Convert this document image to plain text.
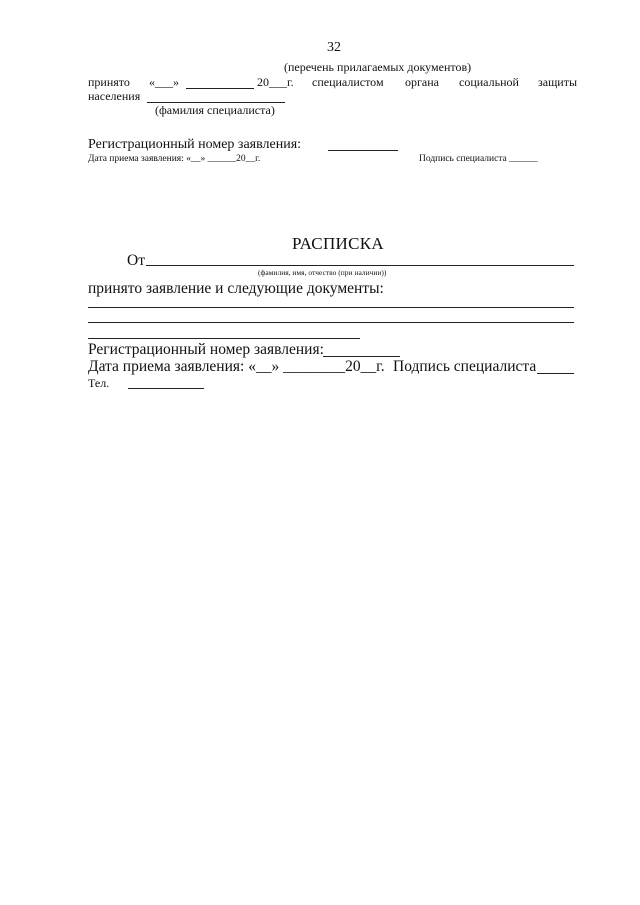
32
(перечень прилагаемых документов)
принято «___»	20___г. специалистом органа социальной защиты
населения
(фамилия специалиста)
Регистрационный номер заявления:
Дата приема заявления: «__» ______20__г.	Подпись специалиста ______
РАСПИСКА
От
(фамилия, имя, отчество (при наличии))
принято заявление и следующие документы:
Регистрационный номер заявления:
Дата приема заявления: «__» ________20__г. Подпись специалиста
Тел.
